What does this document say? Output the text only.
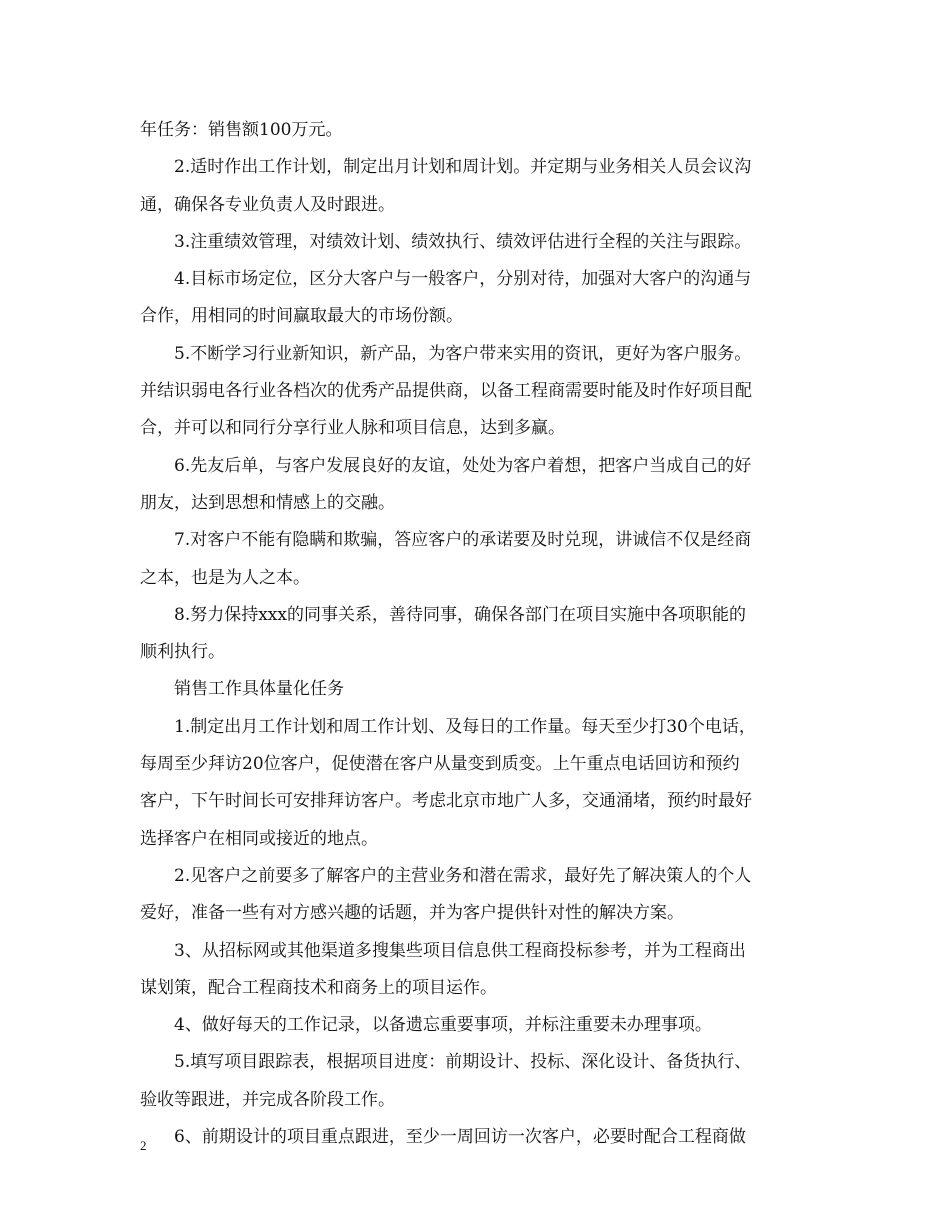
年任务：销售额100万元。
2.适时作出工作计划，制定出月计划和周计划。并定期与业务相关人员会议沟
通，确保各专业负责人及时跟进。
3.注重绩效管理，对绩效计划、绩效执行、绩效评估进行全程的关注与跟踪。
4.目标市场定位，区分大客户与一般客户，分别对待，加强对大客户的沟通与
合作，用相同的时间赢取最大的市场份额。
5.不断学习行业新知识，新产品，为客户带来实用的资讯，更好为客户服务。
并结识弱电各行业各档次的优秀产品提供商，以备工程商需要时能及时作好项目配
合，并可以和同行分享行业人脉和项目信息，达到多赢。
6.先友后单，与客户发展良好的友谊，处处为客户着想，把客户当成自己的好
朋友，达到思想和情感上的交融。
7.对客户不能有隐瞒和欺骗，答应客户的承诺要及时兑现，讲诚信不仅是经商
之本，也是为人之本。
8.努力保持xxx的同事关系，善待同事，确保各部门在项目实施中各项职能的
顺利执行。
销售工作具体量化任务
1.制定出月工作计划和周工作计划、及每日的工作量。每天至少打30个电话，
每周至少拜访20位客户，促使潜在客户从量变到质变。上午重点电话回访和预约
客户，下午时间长可安排拜访客户。考虑北京市地广人多，交通涌堵，预约时最好
选择客户在相同或接近的地点。
2.见客户之前要多了解客户的主营业务和潜在需求，最好先了解决策人的个人
爱好，准备一些有对方感兴趣的话题，并为客户提供针对性的解决方案。
3、从招标网或其他渠道多搜集些项目信息供工程商投标参考，并为工程商出
谋划策，配合工程商技术和商务上的项目运作。
4、做好每天的工作记录，以备遗忘重要事项，并标注重要未办理事项。
5.填写项目跟踪表，根据项目进度：前期设计、投标、深化设计、备货执行、
验收等跟进，并完成各阶段工作。
6、前期设计的项目重点跟进，至少一周回访一次客户，必要时配合工程商做
2
